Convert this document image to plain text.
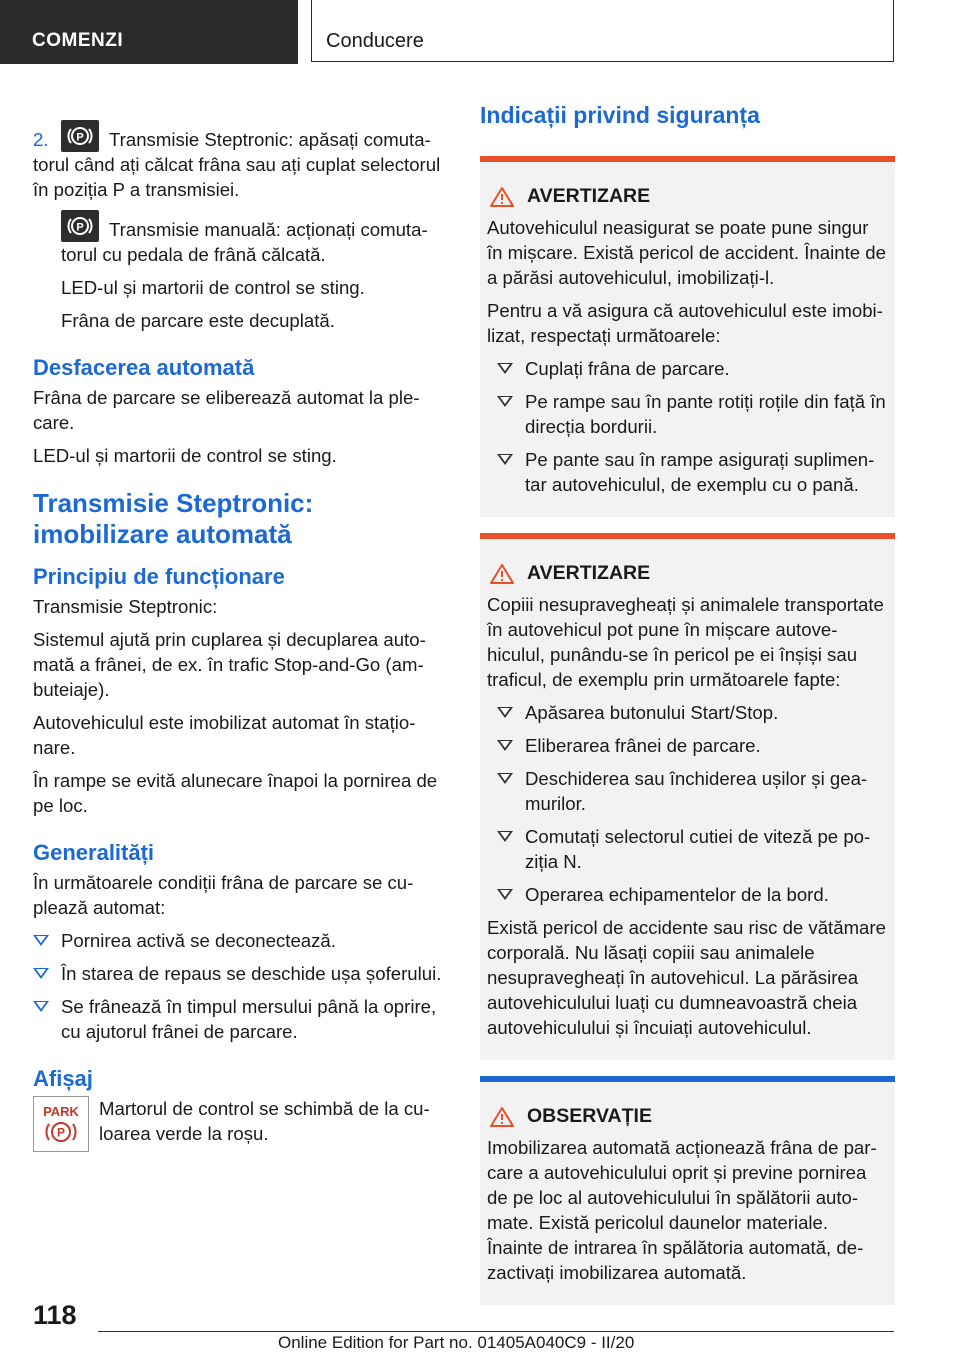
COMENZI	Conducere

2.	P Transmisie Steptronic: apăsați comutatorul când ați călcat frâna sau ați cuplat selectorul în poziția P a transmisiei.

P Transmisie manuală: acționați comutatorul cu pedala de frână călcată.

LED-ul și martorii de control se sting.

Frâna de parcare este decuplată.

Desfacerea automată

Frâna de parcare se eliberează automat la plecare.

LED-ul și martorii de control se sting.

Transmisie Steptronic: imobilizare automată
Principiu de funcționare

Transmisie Steptronic:

Sistemul ajută prin cuplarea și decuplarea automată a frânei, de ex. în trafic Stop-and-Go (ambuteiaje).

Autovehiculul este imobilizat automat în staționare.

În rampe se evită alunecare înapoi la pornirea de pe loc.

Generalități

În următoarele condiții frâna de parcare se cuplează automat:

Pornirea activă se deconectează.
În starea de repaus se deschide ușa șoferului.
Se frânează în timpul mersului până la oprire, cu ajutorul frânei de parcare.
Afișaj
PARK
P

Martorul de control se schimbă de la culoarea verde la roșu.

Indicații privind siguranța
AVERTIZARE

Autovehiculul neasigurat se poate pune singur în mișcare. Există pericol de accident. Înainte de a părăsi autovehiculul, imobilizați-l.

Pentru a vă asigura că autovehiculul este imobilizat, respectați următoarele:

Cuplați frâna de parcare.
Pe rampe sau în pante rotiți roțile din față în direcția bordurii.
Pe pante sau în rampe asigurați suplimentar autovehiculul, de exemplu cu o pană.
AVERTIZARE

Copiii nesupravegheați și animalele transportate în autovehicul pot pune în mișcare autovehiculul, punându-se în pericol pe ei înșiși sau traficul, de exemplu prin următoarele fapte:

Apăsarea butonului Start/Stop.
Eliberarea frânei de parcare.
Deschiderea sau închiderea ușilor și geamurilor.
Comutați selectorul cutiei de viteză pe poziția N.
Operarea echipamentelor de la bord.

Există pericol de accidente sau risc de vătămare corporală. Nu lăsați copiii sau animalele nesupravegheați în autovehicul. La părăsirea autovehiculului luați cu dumneavoastră cheia autovehiculului și încuiați autovehiculul.

OBSERVAȚIE

Imobilizarea automată acționează frâna de parcare a autovehiculului oprit și previne pornirea de pe loc al autovehiculului în spălătorii automate. Există pericolul daunelor materiale. Înainte de intrarea în spălătoria automată, dezactivați imobilizarea automată.

118
Online Edition for Part no. 01405A040C9 - II/20
